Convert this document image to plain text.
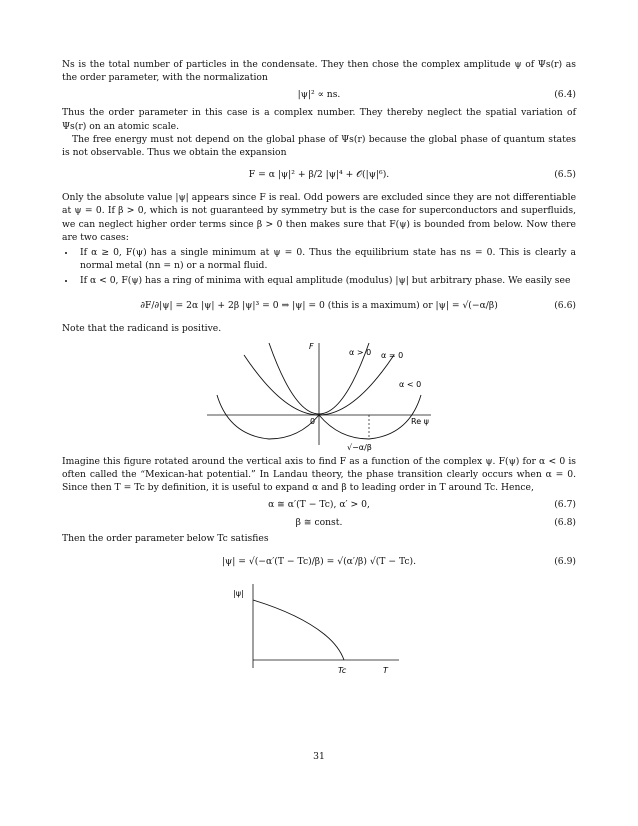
Ns is the total number of particles in the condensate. They then chose the complex amplitude ψ of Ψs(r) as the order parameter, with the normalization

|ψ|² ∝ ns.	(6.4)

Thus the order parameter in this case is a complex number. They thereby neglect the spatial variation of Ψs(r) on an atomic scale.

The free energy must not depend on the global phase of Ψs(r) because the global phase of quantum states is not observable. Thus we obtain the expansion

F = α |ψ|² + β/2 |ψ|⁴ + 𝒪(|ψ|⁶).	(6.5)

Only the absolute value |ψ| appears since F is real. Odd powers are excluded since they are not differentiable at ψ = 0. If β > 0, which is not guaranteed by symmetry but is the case for superconductors and superfluids, we can neglect higher order terms since β > 0 then makes sure that F(ψ) is bounded from below. Now there are two cases:

• If α ≥ 0, F(ψ) has a single minimum at ψ = 0. Thus the equilibrium state has ns = 0. This is clearly a normal metal (nn = n) or a normal fluid.
• If α < 0, F(ψ) has a ring of minima with equal amplitude (modulus) |ψ| but arbitrary phase. We easily see
∂F/∂|ψ| = 2α |ψ| + 2β |ψ|³ = 0 ⇒ |ψ| = 0 (this is a maximum) or |ψ| = √(−α/β)	(6.6)

Note that the radicand is positive.

F
α > 0 α = 0
α < 0
0	Re ψ
√−α/β

Imagine this figure rotated around the vertical axis to find F as a function of the complex ψ. F(ψ) for α < 0 is often called the “Mexican-hat potential.” In Landau theory, the phase transition clearly occurs when α = 0. Since then T = Tc by definition, it is useful to expand α and β to leading order in T around Tc. Hence,

α ≅ α′(T − Tc), α′ > 0,	(6.7)
β ≅ const.	(6.8)

Then the order parameter below Tc satisfies

|ψ| = √(−α′(T − Tc)/β) = √(α′/β) √(T − Tc).	(6.9)
|ψ|
Tc	T
31
